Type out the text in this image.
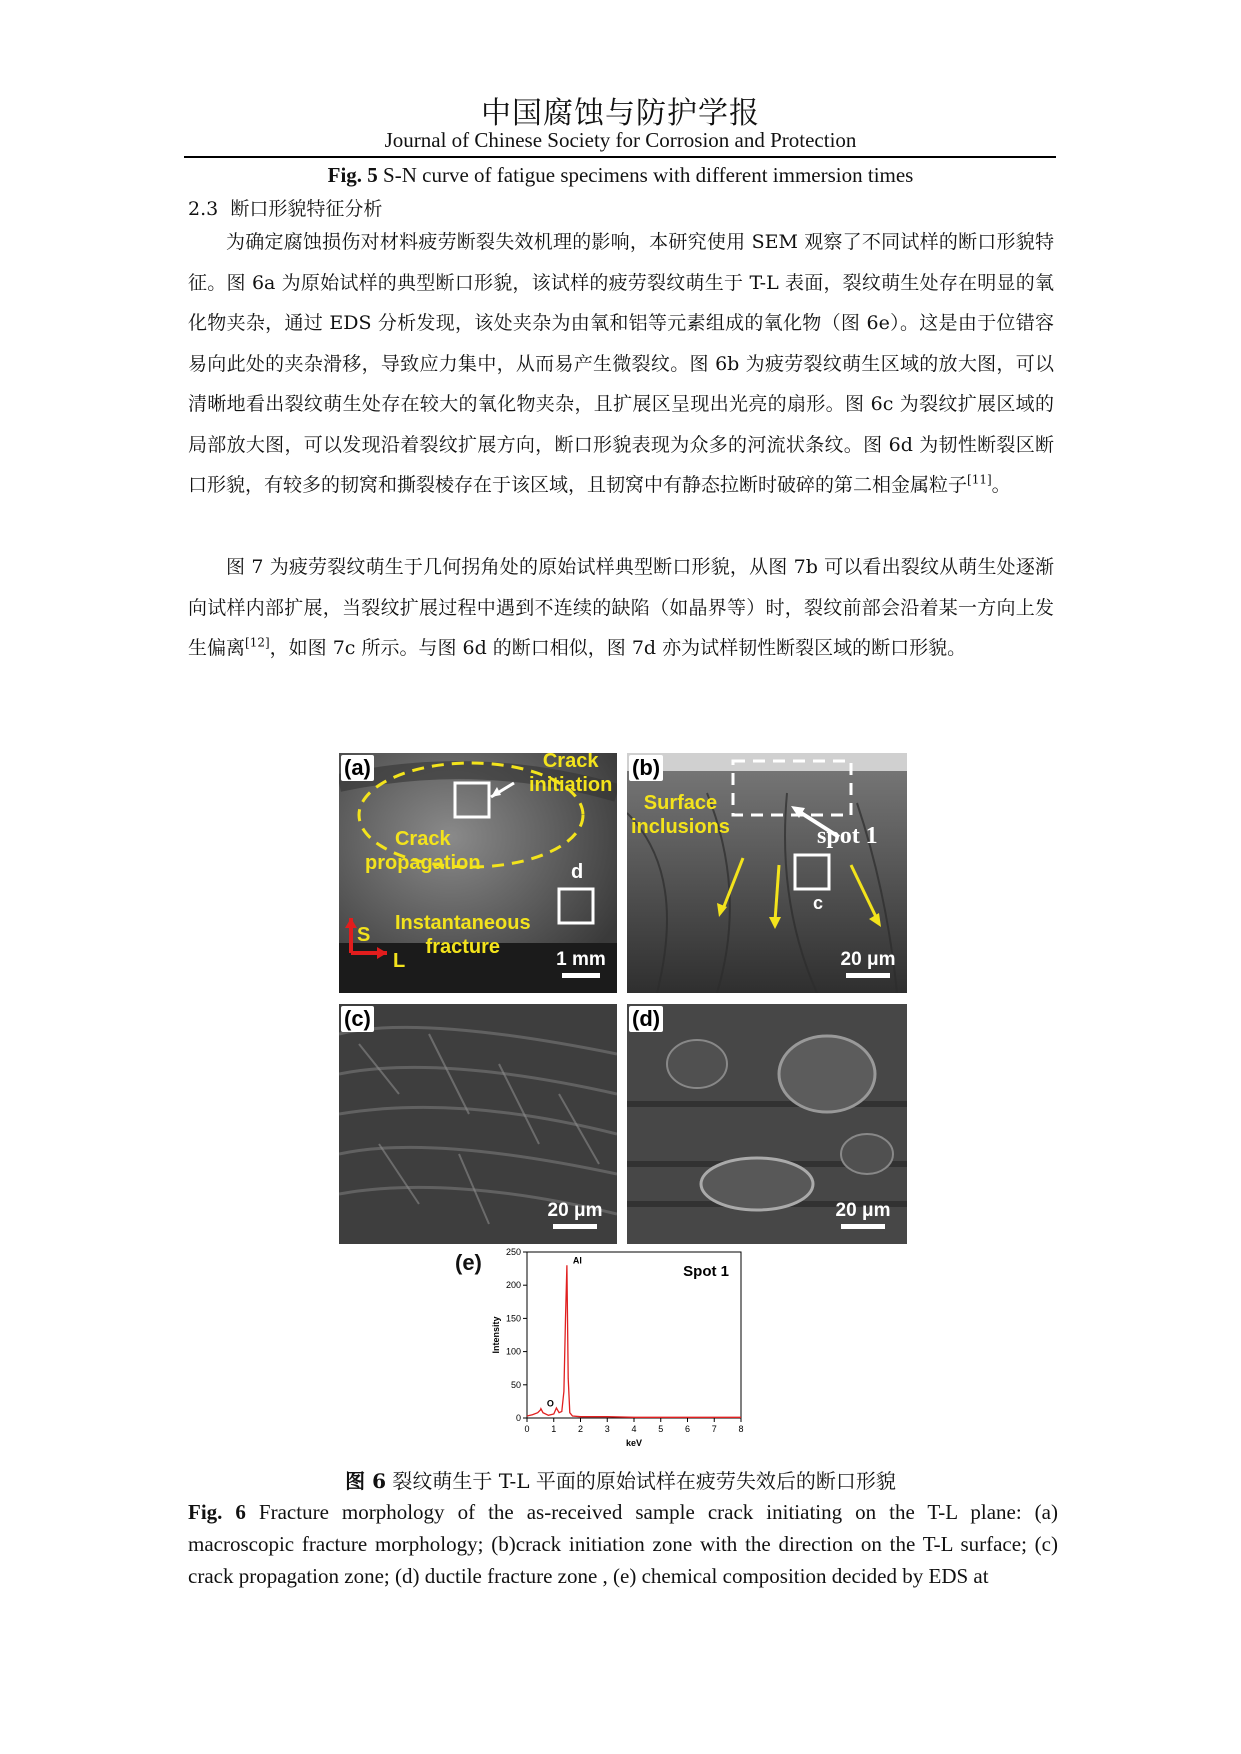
中国腐蚀与防护学报
Journal of Chinese Society for Corrosion and Protection
Fig. 5 S-N curve of fatigue specimens with different immersion times
2.3 断口形貌特征分析

为确定腐蚀损伤对材料疲劳断裂失效机理的影响，本研究使用 SEM 观察了不同试样的断口形貌特征。图 6a 为原始试样的典型断口形貌，该试样的疲劳裂纹萌生于 T-L 表面，裂纹萌生处存在明显的氧化物夹杂，通过 EDS 分析发现，该处夹杂为由氧和铝等元素组成的氧化物（图 6e）。这是由于位错容易向此处的夹杂滑移，导致应力集中，从而易产生微裂纹。图 6b 为疲劳裂纹萌生区域的放大图，可以清晰地看出裂纹萌生处存在较大的氧化物夹杂，且扩展区呈现出光亮的扇形。图 6c 为裂纹扩展区域的局部放大图，可以发现沿着裂纹扩展方向，断口形貌表现为众多的河流状条纹。图 6d 为韧性断裂区断口形貌，有较多的韧窝和撕裂棱存在于该区域，且韧窝中有静态拉断时破碎的第二相金属粒子[11]。

图 7 为疲劳裂纹萌生于几何拐角处的原始试样典型断口形貌，从图 7b 可以看出裂纹从萌生处逐渐向试样内部扩展，当裂纹扩展过程中遇到不连续的缺陷（如晶界等）时，裂纹前部会沿着某一方向上发生偏离[12]，如图 7c 所示。与图 6d 的断口相似，图 7d 亦为试样韧性断裂区域的断口形貌。

(a)	Crack
initiation
Crack
propagation
Instantaneous
fracture
d
S
L	1 mm
(b)
Surface
inclusions	spot 1
c
20 μm
(c)
20 μm
(d)
20 μm
(e)
0 1 2 3 4 5 6 7 8
0
50
100
150
200
250
keV
Intensity
Al
O
Spot 1
图 6 裂纹萌生于 T-L 平面的原始试样在疲劳失效后的断口形貌

Fig. 6 Fracture morphology of the as-received sample crack initiating on the T-L plane: (a) macroscopic fracture morphology; (b)crack initiation zone with the direction on the T-L surface; (c) crack propagation zone; (d) ductile fracture zone , (e) chemical composition decided by EDS at
